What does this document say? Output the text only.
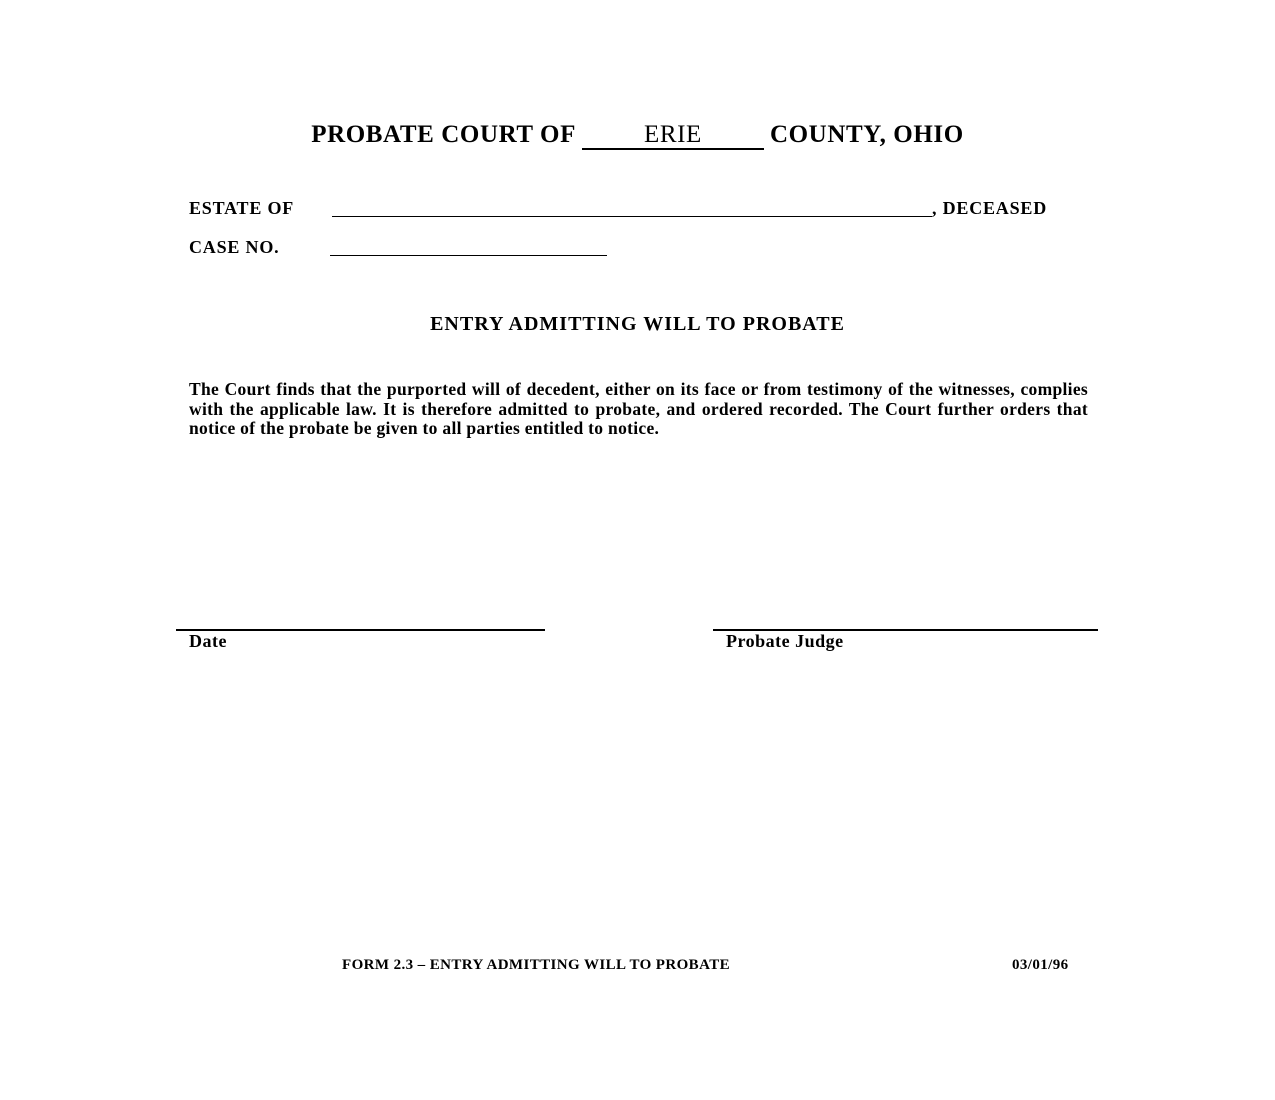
PROBATE COURT OF	ERIE	COUNTY, OHIO
ESTATE OF	, DECEASED
CASE NO.
ENTRY ADMITTING WILL TO PROBATE
The Court finds that the purported will of decedent, either on its face or from testimony of the witnesses, complies with the applicable law. It is therefore admitted to probate, and ordered recorded. The Court further orders that notice of the probate be given to all parties entitled to notice.
Date	Probate Judge
FORM 2.3 – ENTRY ADMITTING WILL TO PROBATE	03/01/96
